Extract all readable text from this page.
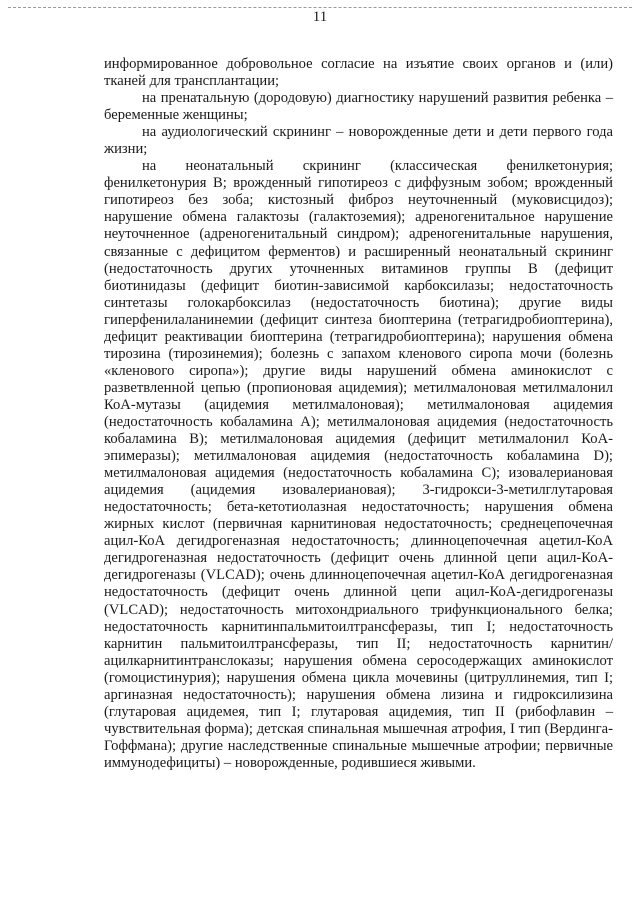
11

информированное добровольное согласие на изъятие своих органов и (или) тканей для трансплантации;

на пренатальную (дородовую) диагностику нарушений развития ребенка – беременные женщины;

на аудиологический скрининг – новорожденные дети и дети первого года жизни;

на неонатальный скрининг (классическая фенилкетонурия; фенилкетонурия B; врожденный гипотиреоз с диффузным зобом; врожденный гипотиреоз без зоба; кистозный фиброз неуточненный (муковисцидоз); нарушение обмена галактозы (галактоземия); адреногенитальное нарушение неуточненное (адреногенитальный синдром); адреногенитальные нарушения, связанные с дефицитом ферментов) и расширенный неонатальный скрининг (недостаточность других уточненных витаминов группы B (дефицит биотинидазы (дефицит биотин-зависимой карбоксилазы; недостаточность синтетазы голокарбоксилаз (недостаточность биотина); другие виды гиперфенилаланинемии (дефицит синтеза биоптерина (тетрагидробиоптерина), дефицит реактивации биоптерина (тетрагидробиоптерина); нарушения обмена тирозина (тирозинемия); болезнь с запахом кленового сиропа мочи (болезнь «кленового сиропа»); другие виды нарушений обмена аминокислот с разветвленной цепью (пропионовая ацидемия); метилмалоновая метилмалонил КоА-мутазы (ацидемия метилмалоновая); метилмалоновая ацидемия (недостаточность кобаламина A); метилмалоновая ацидемия (недостаточность кобаламина B); метилмалоновая ацидемия (дефицит метилмалонил КоА-эпимеразы); метилмалоновая ацидемия (недостаточность кобаламина D); метилмалоновая ацидемия (недостаточность кобаламина C); изовалериановая ацидемия (ацидемия изовалериановая); 3-гидрокси-3-метилглутаровая недостаточность; бета-кетотиолазная недостаточность; нарушения обмена жирных кислот (первичная карнитиновая недостаточность; среднецепочечная ацил-КоА дегидрогеназная недостаточность; длинноцепочечная ацетил-КоА дегидрогеназная недостаточность (дефицит очень длинной цепи ацил-КоА-дегидрогеназы (VLCAD); очень длинноцепочечная ацетил-КоА дегидрогеназная недостаточность (дефицит очень длинной цепи ацил-КоА-дегидрогеназы (VLCAD); недостаточность митохондриального трифункционального белка; недостаточность карнитинпальмитоилтрансферазы, тип I; недостаточность карнитин пальмитоилтрансферазы, тип II; недостаточность карнитин/ацилкарнитинтранслоказы; нарушения обмена серосодержащих аминокислот (гомоцистинурия); нарушения обмена цикла мочевины (цитруллинемия, тип I; аргиназная недостаточность); нарушения обмена лизина и гидроксилизина (глутаровая ацидемея, тип I; глутаровая ацидемия, тип II (рибофлавин – чувствительная форма); детская спинальная мышечная атрофия, I тип (Вердинга-Гоффмана); другие наследственные спинальные мышечные атрофии; первичные иммунодефициты) – новорожденные, родившиеся живыми.
